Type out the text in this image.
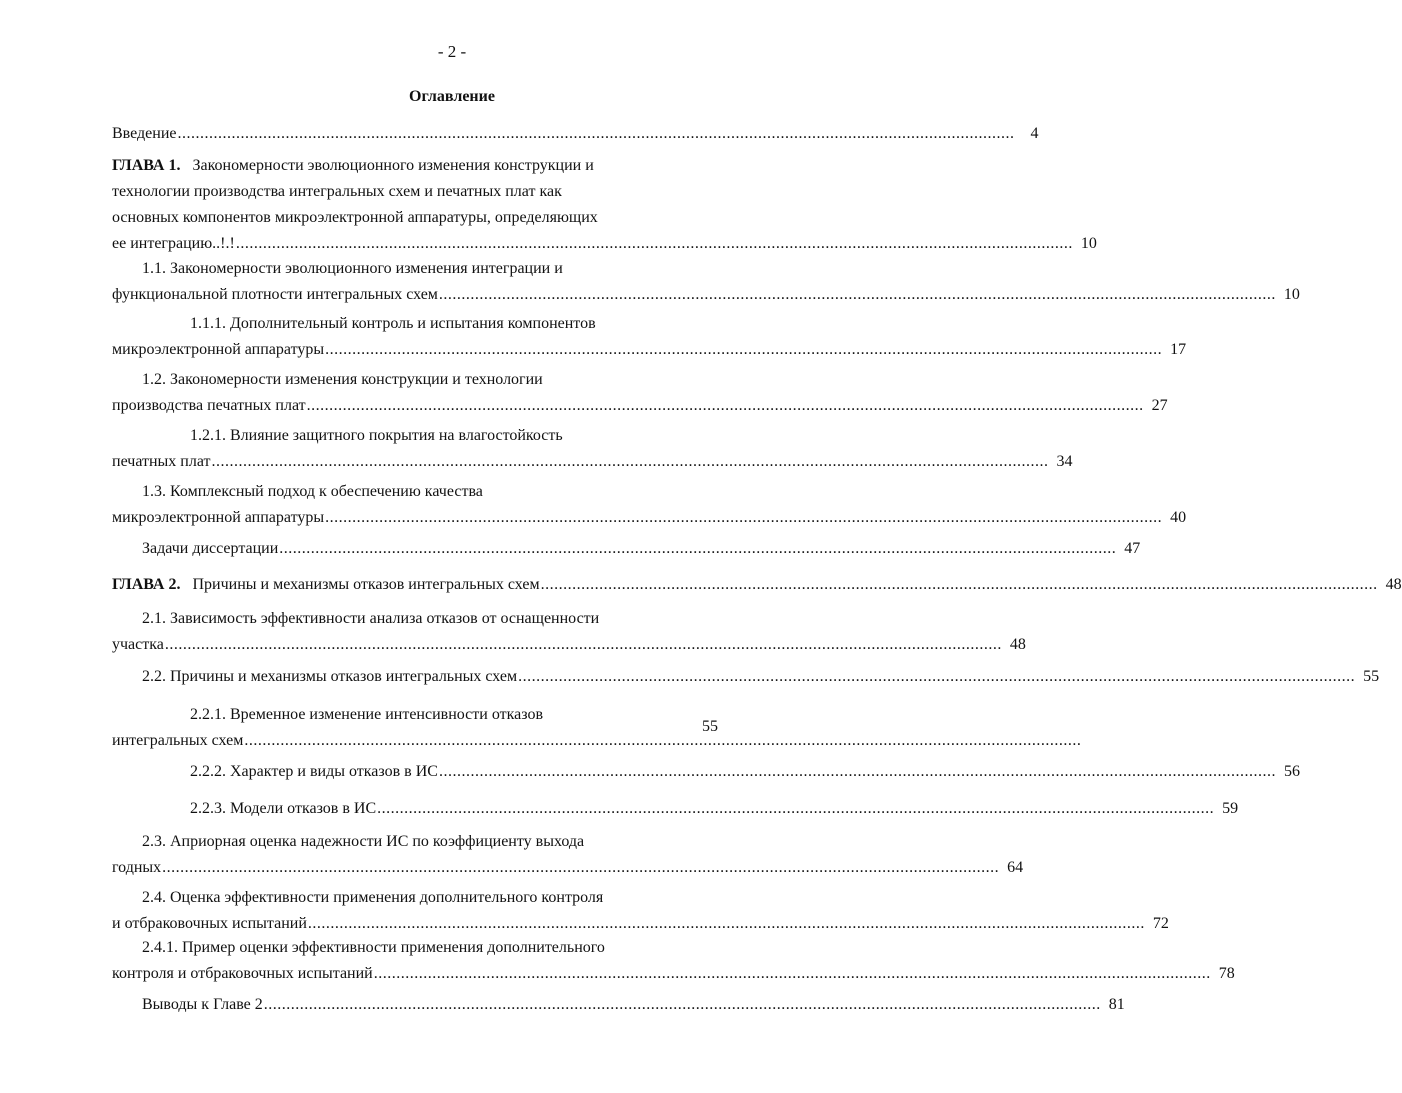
- 2 -
Оглавление
Введение ..........................................................................................................................................................................................	4
ГЛАВА 1. Закономерности эволюционного изменения конструкции и
технологии производства интегральных схем и печатных плат как
основных компонентов микроэлектронной аппаратуры, определяющих
ее интеграцию..!.! .......................................................................................................................................................................................... 10
1.1. Закономерности эволюционного изменения интеграции и
функциональной плотности интегральных схем .......................................................................................................................................................................................... 10
1.1.1. Дополнительный контроль и испытания компонентов
микроэлектронной аппаратуры .......................................................................................................................................................................................... 17
1.2. Закономерности изменения конструкции и технологии
производства печатных плат .......................................................................................................................................................................................... 27
1.2.1. Влияние защитного покрытия на влагостойкость
печатных плат .......................................................................................................................................................................................... 34
1.3. Комплексный подход к обеспечению качества
микроэлектронной аппаратуры .......................................................................................................................................................................................... 40
Задачи диссертации .......................................................................................................................................................................................... 47
ГЛАВА 2. Причины и механизмы отказов интегральных схем .......................................................................................................................................................................................... 48
2.1. Зависимость эффективности анализа отказов от оснащенности
участка .......................................................................................................................................................................................... 48
2.2. Причины и механизмы отказов интегральных схем .......................................................................................................................................................................................... 55
2.2.1. Временное изменение интенсивности отказов
интегральных схем ..........................................................................................................................................................................................
55
2.2.2. Характер и виды отказов в ИС .......................................................................................................................................................................................... 56
2.2.3. Модели отказов в ИС .......................................................................................................................................................................................... 59
2.3. Априорная оценка надежности ИС по коэффициенту выхода
годных .......................................................................................................................................................................................... 64
2.4. Оценка эффективности применения дополнительного контроля
и отбраковочных испытаний .......................................................................................................................................................................................... 72
2.4.1. Пример оценки эффективности применения дополнительного
контроля и отбраковочных испытаний .......................................................................................................................................................................................... 78
Выводы к Главе 2 .......................................................................................................................................................................................... 81
